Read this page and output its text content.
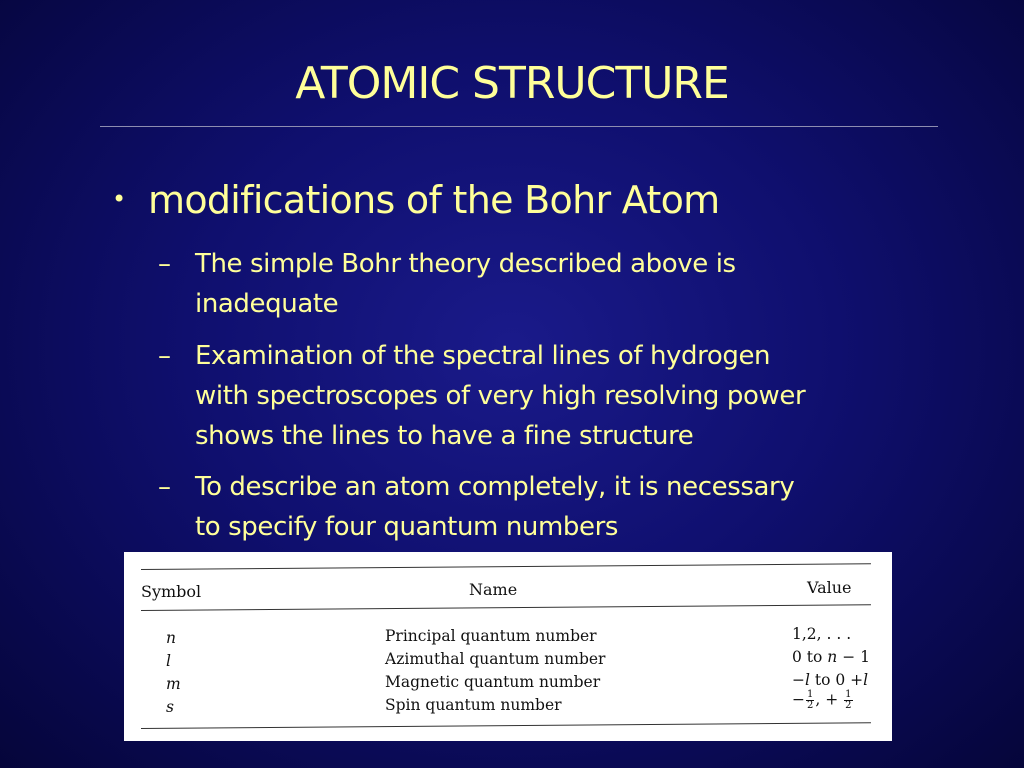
ATOMIC STRUCTURE
• modifications of the Bohr Atom
– The simple Bohr theory described above is
inadequate
– Examination of the spectral lines of hydrogen
with spectroscopes of very high resolving power
shows the lines to have a fine structure
– To describe an atom completely, it is necessary
to specify four quantum numbers
Symbol	Name	Value
n	Principal quantum number	1,2, . . .
l	Azimuthal quantum number	0 to n − 1
m	Magnetic quantum number	−l to 0 +l
s	Spin quantum number	− $\frac{1}{2}$ , + $\frac{1}{2}$
